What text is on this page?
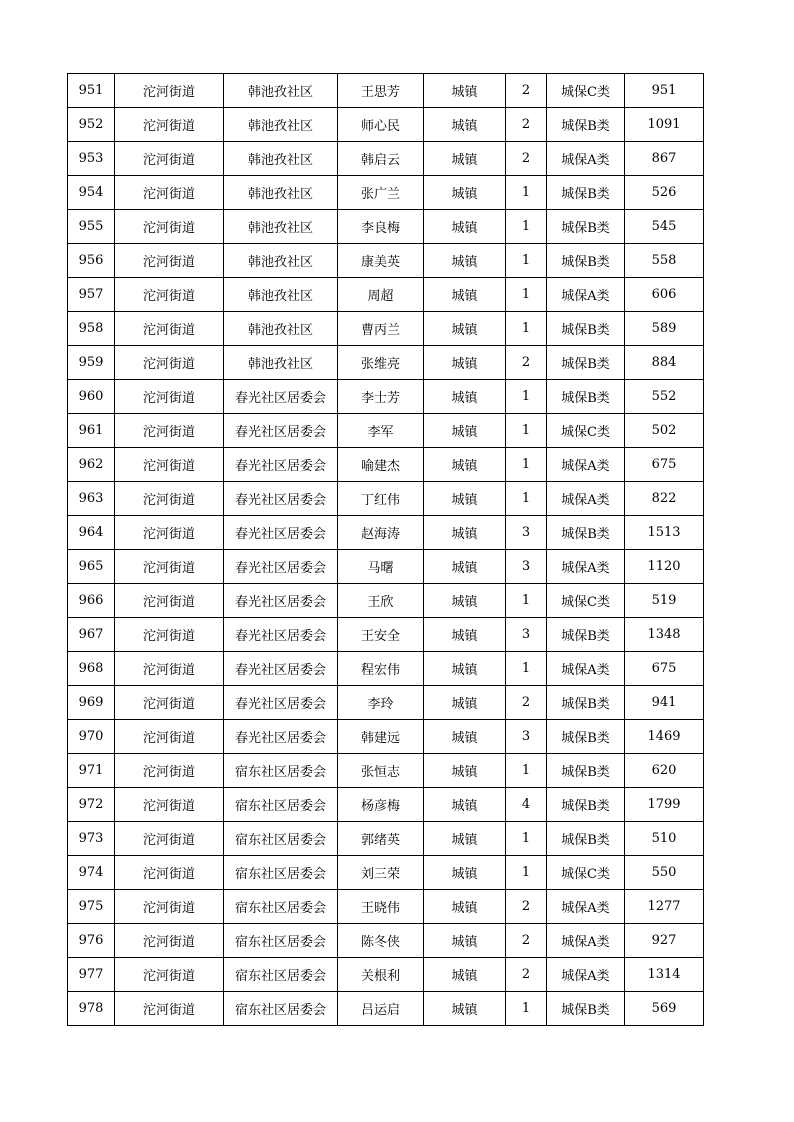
951	沱河街道	韩池孜社区	王思芳	城镇	2	城保C类	951
952	沱河街道	韩池孜社区	师心民	城镇	2	城保B类	1091
953	沱河街道	韩池孜社区	韩启云	城镇	2	城保A类	867
954	沱河街道	韩池孜社区	张广兰	城镇	1	城保B类	526
955	沱河街道	韩池孜社区	李良梅	城镇	1	城保B类	545
956	沱河街道	韩池孜社区	康美英	城镇	1	城保B类	558
957	沱河街道	韩池孜社区	周超	城镇	1	城保A类	606
958	沱河街道	韩池孜社区	曹丙兰	城镇	1	城保B类	589
959	沱河街道	韩池孜社区	张维亮	城镇	2	城保B类	884
960	沱河街道	春光社区居委会	李士芳	城镇	1	城保B类	552
961	沱河街道	春光社区居委会	李军	城镇	1	城保C类	502
962	沱河街道	春光社区居委会	喻建杰	城镇	1	城保A类	675
963	沱河街道	春光社区居委会	丁红伟	城镇	1	城保A类	822
964	沱河街道	春光社区居委会	赵海涛	城镇	3	城保B类	1513
965	沱河街道	春光社区居委会	马曙	城镇	3	城保A类	1120
966	沱河街道	春光社区居委会	王欣	城镇	1	城保C类	519
967	沱河街道	春光社区居委会	王安全	城镇	3	城保B类	1348
968	沱河街道	春光社区居委会	程宏伟	城镇	1	城保A类	675
969	沱河街道	春光社区居委会	李玲	城镇	2	城保B类	941
970	沱河街道	春光社区居委会	韩建远	城镇	3	城保B类	1469
971	沱河街道	宿东社区居委会	张恒志	城镇	1	城保B类	620
972	沱河街道	宿东社区居委会	杨彦梅	城镇	4	城保B类	1799
973	沱河街道	宿东社区居委会	郭绪英	城镇	1	城保B类	510
974	沱河街道	宿东社区居委会	刘三荣	城镇	1	城保C类	550
975	沱河街道	宿东社区居委会	王晓伟	城镇	2	城保A类	1277
976	沱河街道	宿东社区居委会	陈冬侠	城镇	2	城保A类	927
977	沱河街道	宿东社区居委会	关根利	城镇	2	城保A类	1314
978	沱河街道	宿东社区居委会	吕运启	城镇	1	城保B类	569
